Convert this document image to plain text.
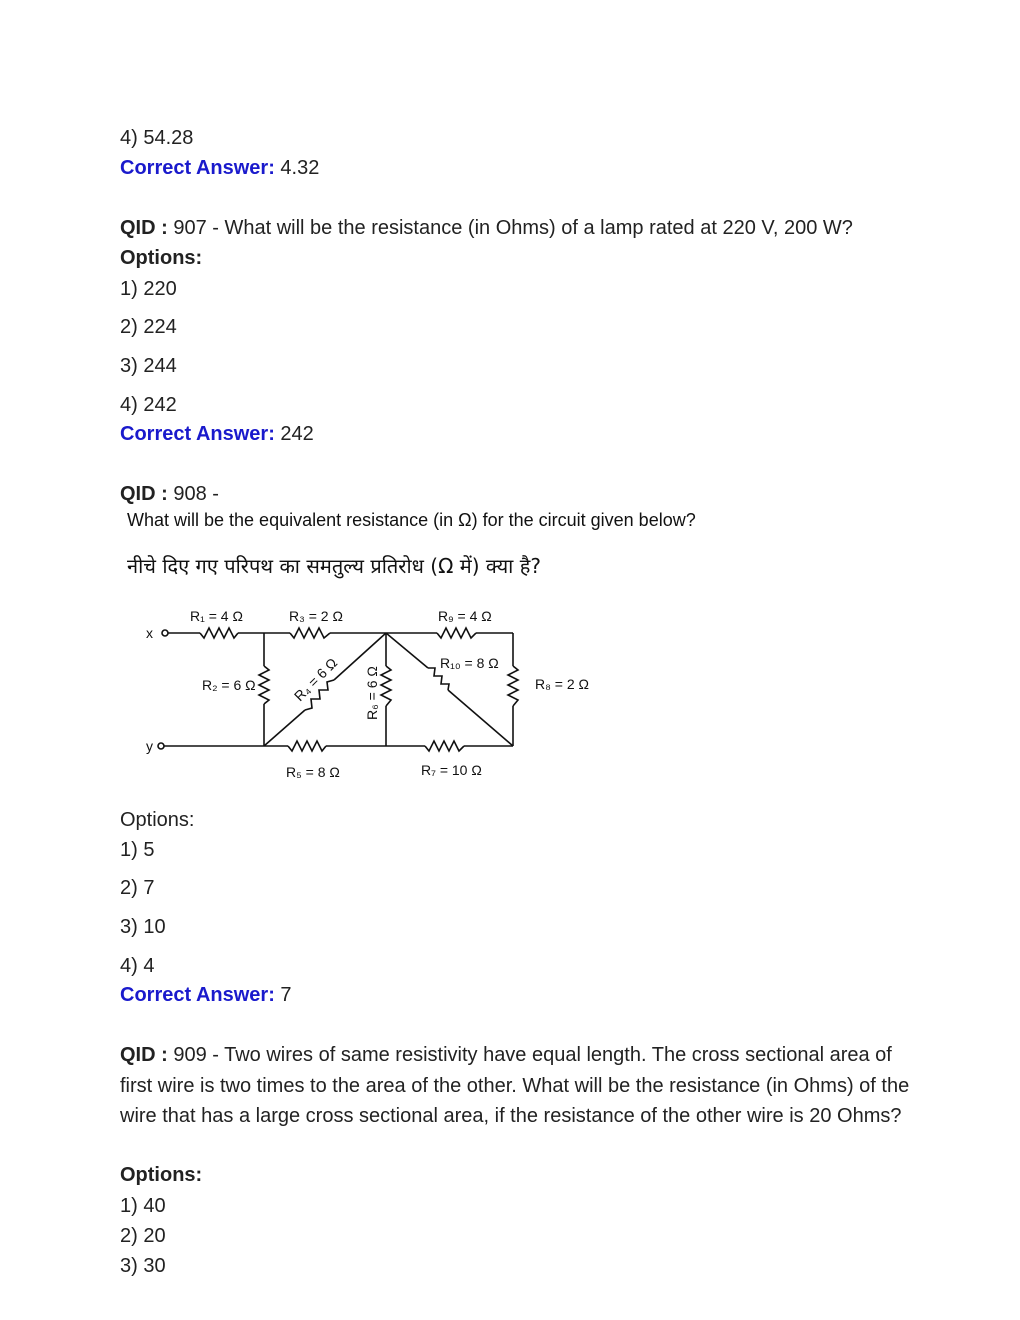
4) 54.28
Correct Answer: 4.32
QID : 907 - What will be the resistance (in Ohms) of a lamp rated at 220 V, 200 W?
Options:
1) 220
2) 224
3) 244
4) 242
Correct Answer: 242
QID : 908 -
What will be the equivalent resistance (in Ω) for the circuit given below?
नीचे दिए गए परिपथ का समतुल्य प्रतिरोध (Ω में) क्या है?
x
y
R₁ = 4 Ω	R₃ = 2 Ω	R₉ = 4 Ω
R₂ = 6 Ω
R₁₀ = 8 Ω
R₈ = 2 Ω
R₅ = 8 Ω	R₇ = 10 Ω
R₄ = 6 Ω R₆ = 6 Ω
Options:
1) 5
2) 7
3) 10
4) 4
Correct Answer: 7
QID : 909 - Two wires of same resistivity have equal length. The cross sectional area of first wire is two times to the area of the other. What will be the resistance (in Ohms) of the wire that has a large cross sectional area, if the resistance of the other wire is 20 Ohms?
Options:
1) 40
2) 20
3) 30
